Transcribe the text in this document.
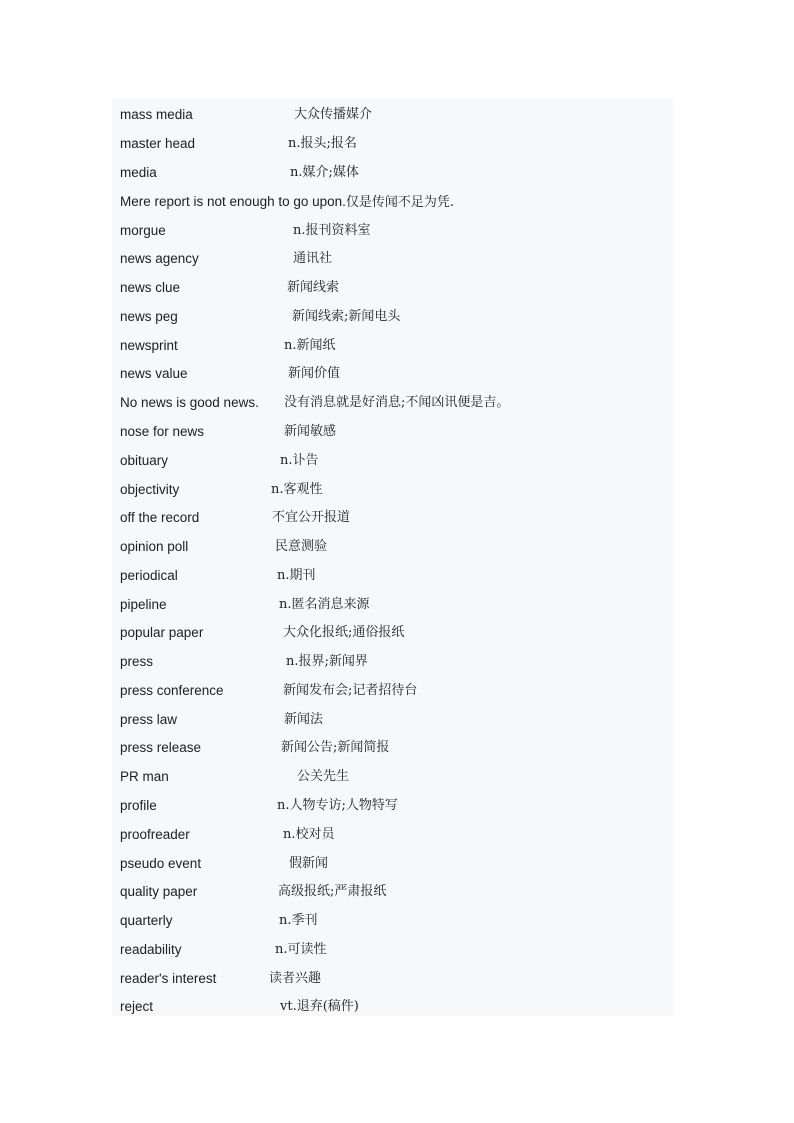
mass media	大众传播媒介
master head	n.报头;报名
media	n.媒介;媒体
Mere report is not enough to go upon.仅是传闻不足为凭.
morgue	n.报刊资料室
news agency	通讯社
news clue	新闻线索
news peg	新闻线索;新闻电头
newsprint	n.新闻纸
news value	新闻价值
No news is good news. 没有消息就是好消息;不闻凶讯便是吉。
nose for news	新闻敏感
obituary	n.讣告
objectivity	n.客观性
off the record	不宜公开报道
opinion poll	民意测验
periodical	n.期刊
pipeline	n.匿名消息来源
popular paper	大众化报纸;通俗报纸
press	n.报界;新闻界
press conference	新闻发布会;记者招待台
press law	新闻法
press release	新闻公告;新闻简报
PR man	公关先生
profile	n.人物专访;人物特写
proofreader	n.校对员
pseudo event	假新闻
quality paper	高级报纸;严肃报纸
quarterly	n.季刊
readability	n.可读性
reader's interest	读者兴趣
reject	vt.退弃(稿件)
